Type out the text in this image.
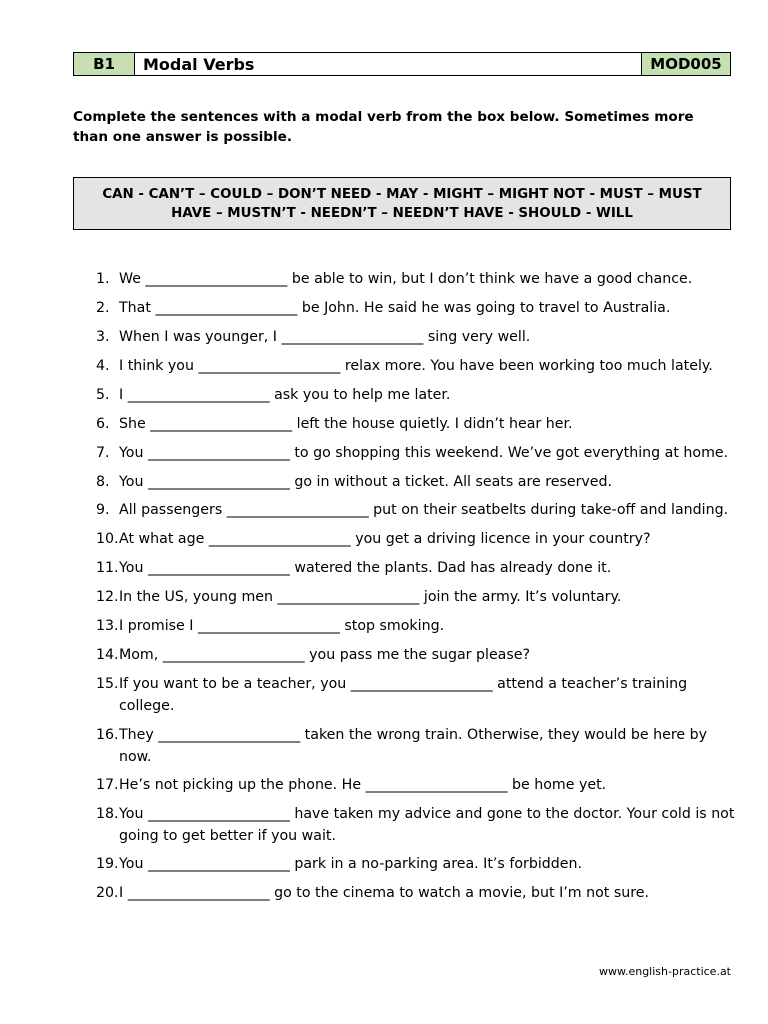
B1	Modal Verbs	MOD005
Complete the sentences with a modal verb from the box below. Sometimes more than one answer is possible.
CAN - CAN’T – COULD – DON’T NEED - MAY - MIGHT – MIGHT NOT - MUST – MUST HAVE – MUSTN’T - NEEDN’T – NEEDN’T HAVE - SHOULD - WILL
1. We ____________________ be able to win, but I don’t think we have a good chance.
2. That ____________________ be John. He said he was going to travel to Australia.
3. When I was younger, I ____________________ sing very well.
4. I think you ____________________ relax more. You have been working too much lately.
5. I ____________________ ask you to help me later.
6. She ____________________ left the house quietly. I didn’t hear her.
7. You ____________________ to go shopping this weekend. We’ve got everything at home.
8. You ____________________ go in without a ticket. All seats are reserved.
9. All passengers ____________________ put on their seatbelts during take-off and landing.
10. At what age ____________________ you get a driving licence in your country?
11. You ____________________ watered the plants. Dad has already done it.
12. In the US, young men ____________________ join the army. It’s voluntary.
13. I promise I ____________________ stop smoking.
14. Mom, ____________________ you pass me the sugar please?
15. If you want to be a teacher, you ____________________ attend a teacher’s training college.
16. They ____________________ taken the wrong train. Otherwise, they would be here by now.
17. He’s not picking up the phone. He ____________________ be home yet.
18. You ____________________ have taken my advice and gone to the doctor. Your cold is not going to get better if you wait.
19. You ____________________ park in a no-parking area. It’s forbidden.
20. I ____________________ go to the cinema to watch a movie, but I’m not sure.
www.english-practice.at
